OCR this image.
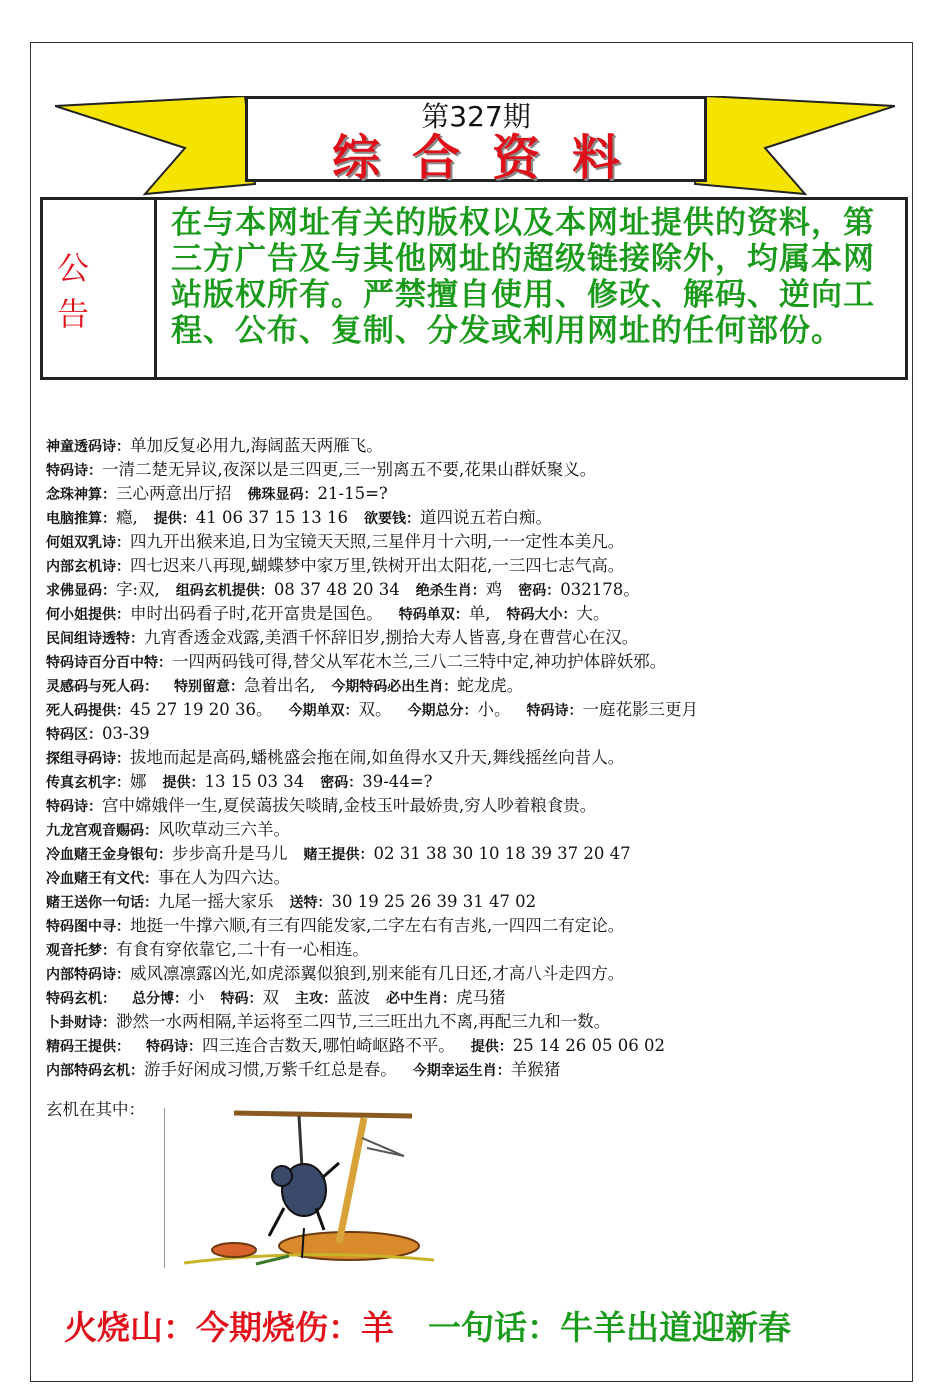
第327期
综合资料
公告
在与本网址有关的版权以及本网址提供的资料，第三方广告及与其他网址的超级链接除外，均属本网站版权所有。严禁擅自使用、修改、解码、逆向工程、公布、复制、分发或利用网址的任何部份。
神童透码诗：单加反复必用九,海阔蓝天两雁飞。
特码诗：一清二楚无异议,夜深以是三四更,三一别离五不要,花果山群妖聚义。
念珠神算：三心两意出厅招 佛珠显码：21-15=?
电脑推算：瘾, 提供：41 06 37 15 13 16 欲要钱：道四说五若白痴。
何姐双乳诗：四九开出猴来追,日为宝镜天天照,三星伴月十六明,一一定性本美凡。
内部玄机诗：四七迟来八再现,蝴蝶梦中家万里,铁树开出太阳花,一三四七志气高。
求佛显码：字:双, 组码玄机提供：08 37 48 20 34 绝杀生肖：鸡 密码：032178。
何小姐提供：申时出码看子时,花开富贵是国色。 特码单双：单, 特码大小：大。
民间组诗透特：九宵香透金戏露,美酒千怀辞旧岁,捌拾大寿人皆喜,身在曹营心在汉。
特码诗百分百中特：一四两码钱可得,替父从军花木兰,三八二三特中定,神功护体辟妖邪。
灵感码与死人码： 特别留意：急着出名, 今期特码必出生肖：蛇龙虎。
死人码提供：45 27 19 20 36。 今期单双：双。 今期总分：小。 特码诗：一庭花影三更月
特码区：03-39
探组寻码诗：拔地而起是高码,蟠桃盛会拖在闹,如鱼得水又升天,舞线摇丝向昔人。
传真玄机字：娜 提供：13 15 03 34 密码：39-44=?
特码诗：宫中嫦娥伴一生,夏侯蔼拔矢啖睛,金枝玉叶最娇贵,穷人吵着粮食贵。
九龙宫观音赐码：风吹草动三六羊。
冷血赌王金身银句：步步高升是马儿 赌王提供：02 31 38 30 10 18 39 37 20 47
冷血赌王有文代：事在人为四六达。
赌王送你一句话：九尾一摇大家乐 送特：30 19 25 26 39 31 47 02
特码图中寻：地挺一牛撑六顺,有三有四能发家,二字左右有吉兆,一四四二有定论。
观音托梦：有食有穿依靠它,二十有一心相连。
内部特码诗：威风凛凛露凶光,如虎添翼似狼到,别来能有几日还,才高八斗走四方。
特码玄机： 总分博：小 特码：双 主攻：蓝波 必中生肖：虎马猪
卜卦财诗：渺然一水两相隔,羊运将至二四节,三三旺出九不离,再配三九和一数。
精码王提供： 特码诗：四三连合吉数天,哪怕崎岖路不平。 提供：25 14 26 05 06 02
内部特码玄机：游手好闲成习惯,万紫千红总是春。 今期幸运生肖：羊猴猪
玄机在其中：
火烧山：今期烧伤：羊 一句话：牛羊出道迎新春
